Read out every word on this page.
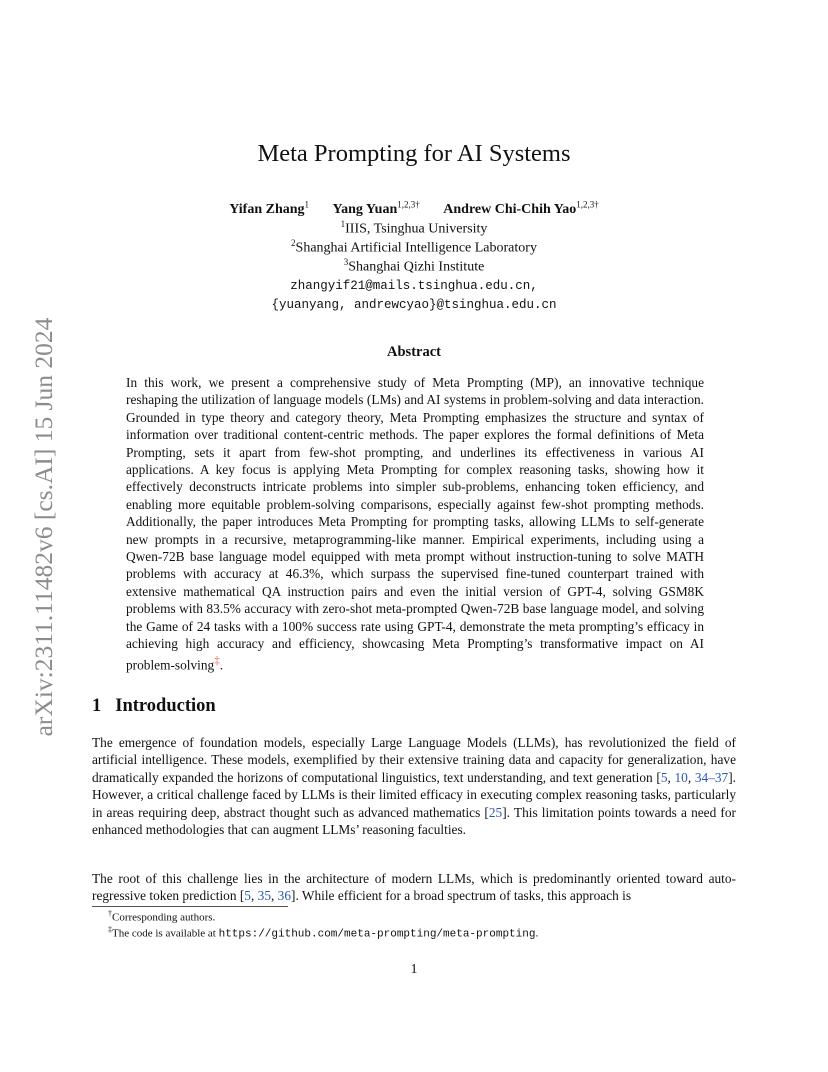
arXiv:2311.11482v6 [cs.AI] 15 Jun 2024
Meta Prompting for AI Systems
Yifan Zhang$^1$ Yang Yuan$^{1,2,3\dagger}$ Andrew Chi-Chih Yao$^{1,2,3\dagger}$
$^1$IIIS, Tsinghua University
$^2$Shanghai Artificial Intelligence Laboratory
$^3$Shanghai Qizhi Institute
zhangyif21@mails.tsinghua.edu.cn,
{yuanyang, andrewcyao}@tsinghua.edu.cn
Abstract

In this work, we present a comprehensive study of Meta Prompting (MP), an innovative technique reshaping the utilization of language models (LMs) and AI systems in problem-solving and data interaction. Grounded in type theory and category theory, Meta Prompting emphasizes the structure and syntax of information over traditional content-centric methods. The paper explores the formal definitions of Meta Prompting, sets it apart from few-shot prompting, and underlines its effectiveness in various AI applications. A key focus is applying Meta Prompting for complex reasoning tasks, showing how it effectively deconstructs intricate problems into simpler sub-problems, enhancing token efficiency, and enabling more equitable problem-solving comparisons, especially against few-shot prompting methods. Additionally, the paper introduces Meta Prompting for prompting tasks, allowing LLMs to self-generate new prompts in a recursive, metaprogramming-like manner. Empirical experiments, including using a Qwen-72B base language model equipped with meta prompt without instruction-tuning to solve MATH problems with accuracy at 46.3%, which surpass the supervised fine-tuned counterpart trained with extensive mathematical QA instruction pairs and even the initial version of GPT-4, solving GSM8K problems with 83.5% accuracy with zero-shot meta-prompted Qwen-72B base language model, and solving the Game of 24 tasks with a 100% success rate using GPT-4, demonstrate the meta prompting’s efficacy in achieving high accuracy and efficiency, showcasing Meta Prompting’s transformative impact on AI problem-solving‡.

1 Introduction

The emergence of foundation models, especially Large Language Models (LLMs), has revolutionized the field of artificial intelligence. These models, exemplified by their extensive training data and capacity for generalization, have dramatically expanded the horizons of computational linguistics, text understanding, and text generation [5, 10, 34–37]. However, a critical challenge faced by LLMs is their limited efficacy in executing complex reasoning tasks, particularly in areas requiring deep, abstract thought such as advanced mathematics [25]. This limitation points towards a need for enhanced methodologies that can augment LLMs’ reasoning faculties.

The root of this challenge lies in the architecture of modern LLMs, which is predominantly oriented toward auto-regressive token prediction [5, 35, 36]. While efficient for a broad spectrum of tasks, this approach is

†Corresponding authors.
‡The code is available at https://github.com/meta-prompting/meta-prompting.
1
